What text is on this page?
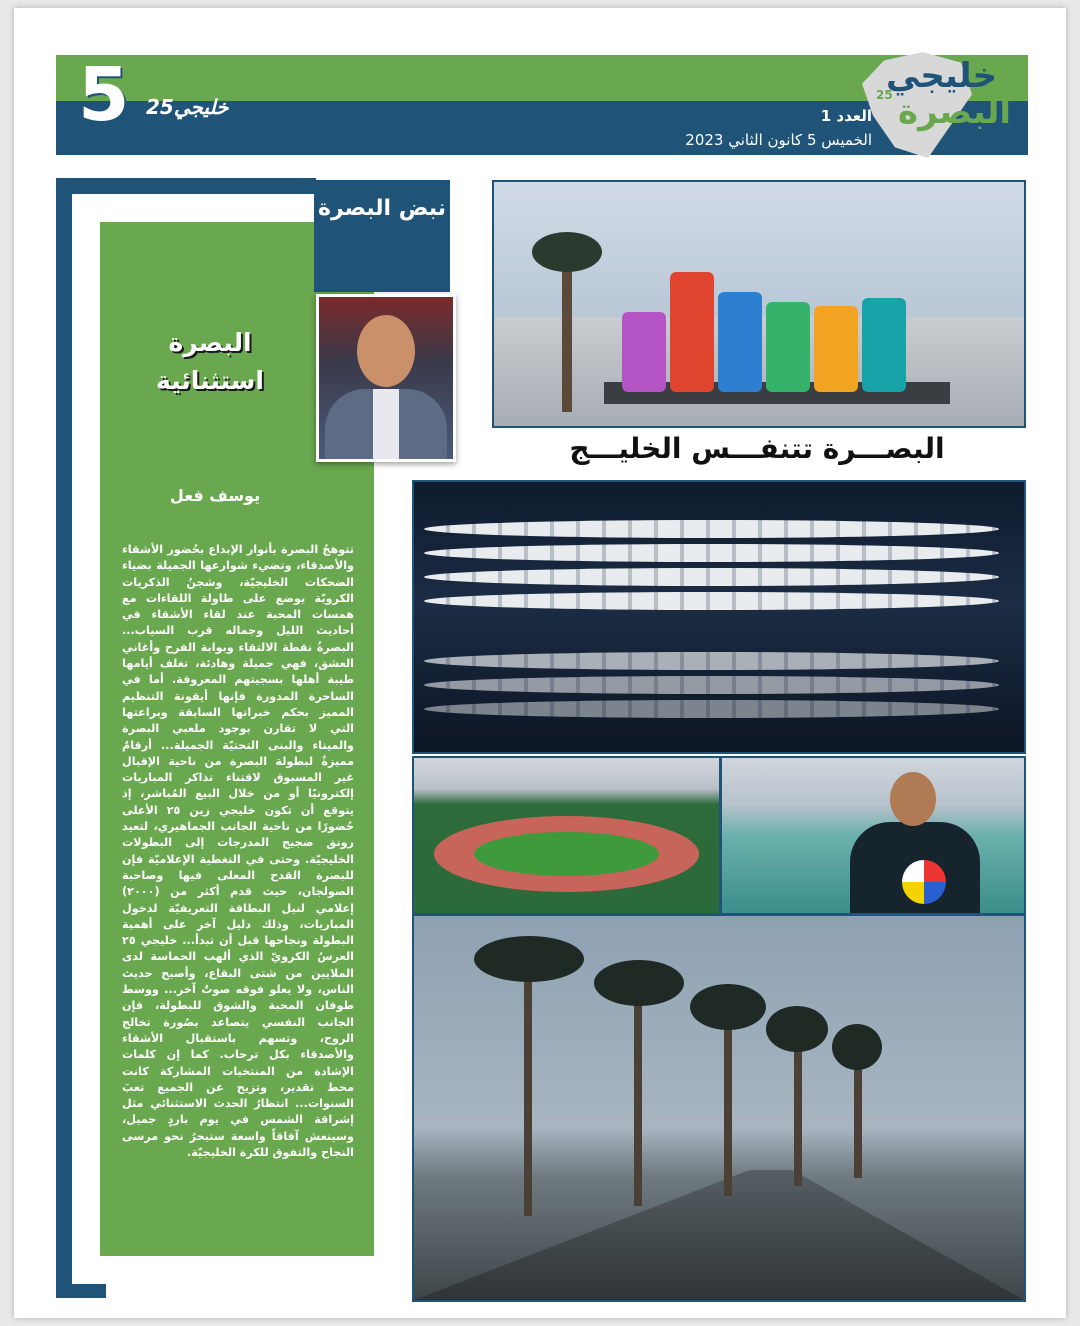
5 خليجي25	العدد 1
الخميس 5 كانون الثاني 2023
25
خليجي
البصرة
نبض البصرة
البصرة استثنائية
يوسف فعل
تتوهجُ البصرة بأنوار الإبداع بحُضور الأشقاء والأصدقاء، وتضيء شوارعها الجميلة بضياء الضحكات الخليجيّة، وشجنُ الذكريات الكرويّة يوضع على طاولة اللقاءات مع همسات المحبة عند لقاء الأشقاء في أحاديث الليل وجماله قرب السياب... البصرةُ نقطة الالتقاء وبوابة الفرح وأغاني العشق، فهي جميلة وهادئة، تغلف أيامها طيبة أهلها بسجيتهم المعروفة. أما في الساحرة المدورة فإنها أيقونة التنظيم المميز بحكم خبراتها السابقة وبراعتها التي لا تقارن بوجود ملعبي البصرة والميناء والبنى التحتيّة الجميلة... أرقامٌ مميزةٌ لبطولة البصرة من ناحية الإقبال غير المسبوق لاقتناء تذاكر المباريات إلكترونيًا أو من خلال البيع المُباشر، إذ يتوقع أن تكون خليجي زين ٢٥ الأعلى حُضورًا من ناحية الجانب الجماهيري، لتعيد رونق ضجيج المدرجات إلى البطولات الخليجيّة. وحتى في التغطية الإعلاميّة فإن للبصرة القدح المعلى فيها وصاحبة الصولجان، حيث قدم أكثر من (٢٠٠٠) إعلامي لنيل البطاقة التعريفيّة لدخول المباريات، وذلك دليل آخر على أهمية البطولة ونجاحها قبل أن تبدأ... خليجي ٢٥ العرسُ الكرويّ الذي ألهب الحماسة لدى الملايين من شتى البقاع، وأصبح حديث الناس، ولا يعلو فوقه صوتٌ آخر... ووسط طوفان المحبة والشوق للبطولة، فإن الجانب النفسي يتصاعد بصُورة تخالج الروح، وتسهم باستقبال الأشقاء والأصدقاء بكل ترحاب. كما إن كلمات الإشادة من المنتخبات المشاركة كانت محط تقدير، وتزيح عن الجميع تعبَ السنوات... انتظارُ الحدث الاستثنائي مثل إشراقة الشمس في يوم باردٍ جميل، وسينعش آفاقاً واسعة ستبحرُ نحو مرسى النجاح والتفوق للكرة الخليجيّة.
البصـــرة تتنفـــس الخليـــج
